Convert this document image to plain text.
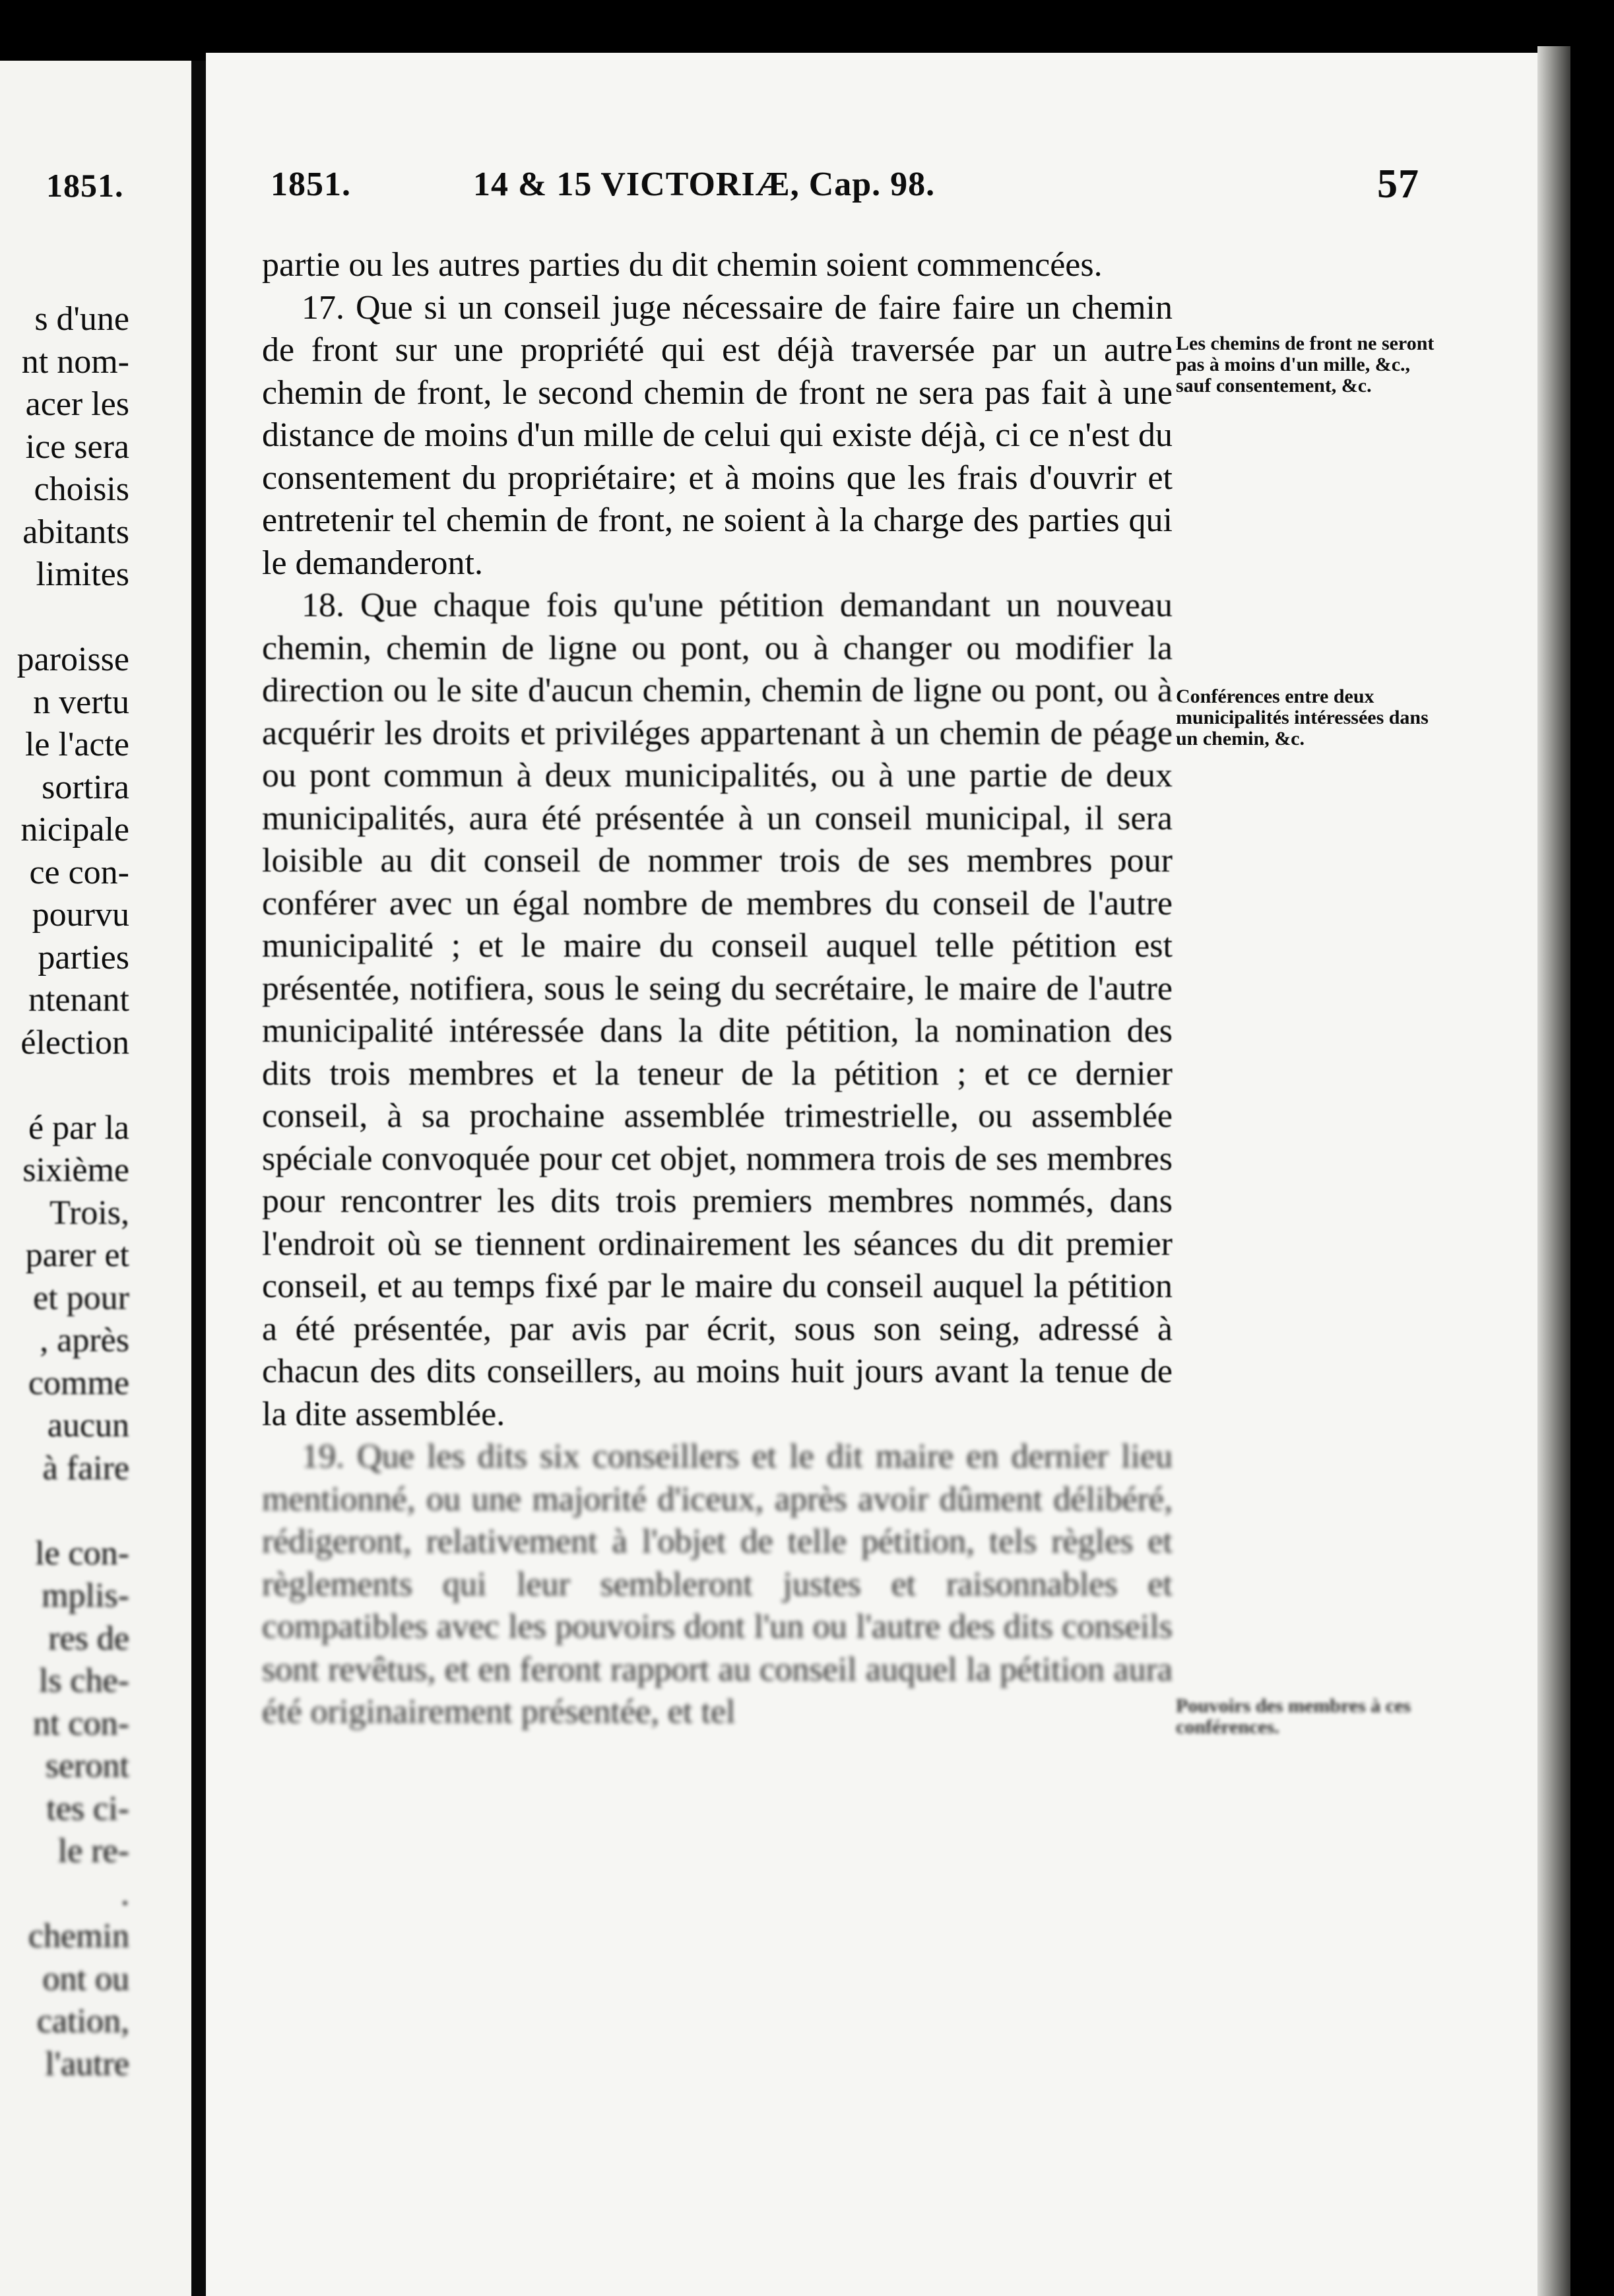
1851.
s d'une
nt nom-
acer les
ice sera
choisis
abitants
limites

paroisse
n vertu
le l'acte
sortira
nicipale
ce con-
pourvu
parties
ntenant
élection

é par la
sixième
Trois,
parer et
et pour
, après
comme
aucun
à faire

le con-
mplis-
res de
ls che-
nt con-
seront
tes ci-
le re-
.
chemin
ont ou
cation,
l'autre
1851.	14 & 15 VICTORIÆ, Cap. 98.	57

partie ou les autres parties du dit chemin soient commencées.

17. Que si un conseil juge nécessaire de faire faire un chemin de front sur une propriété qui est déjà traversée par un autre chemin de front, le second chemin de front ne sera pas fait à une distance de moins d'un mille de celui qui existe déjà, ci ce n'est du consentement du propriétaire; et à moins que les frais d'ouvrir et entretenir tel chemin de front, ne soient à la charge des parties qui le demanderont.

18. Que chaque fois qu'une pétition demandant un nouveau chemin, chemin de ligne ou pont, ou à changer ou modifier la direction ou le site d'aucun chemin, chemin de ligne ou pont, ou à acquérir les droits et priviléges appartenant à un chemin de péage ou pont commun à deux municipalités, ou à une partie de deux municipalités, aura été présentée à un conseil municipal, il sera loisible au dit conseil de nommer trois de ses membres pour conférer avec un égal nombre de membres du conseil de l'autre municipalité ; et le maire du conseil auquel telle pétition est présentée, notifiera, sous le seing du secrétaire, le maire de l'autre municipalité intéressée dans la dite pétition, la nomination des dits trois membres et la teneur de la pétition ; et ce dernier conseil, à sa prochaine assemblée trimestrielle, ou assemblée spéciale convoquée pour cet objet, nommera trois de ses membres pour rencontrer les dits trois premiers membres nommés, dans l'endroit où se tiennent ordinairement les séances du dit premier conseil, et au temps fixé par le maire du conseil auquel la pétition a été présentée, par avis par écrit, sous son seing, adressé à chacun des dits conseillers, au moins huit jours avant la tenue de la dite assemblée.

19. Que les dits six conseillers et le dit maire en dernier lieu mentionné, ou une majorité d'iceux, après avoir dûment délibéré, rédigeront, relativement à l'objet de telle pétition, tels règles et règlements qui leur sembleront justes et raisonnables et compatibles avec les pouvoirs dont l'un ou l'autre des dits conseils sont revêtus, et en feront rapport au conseil auquel la pétition aura été originairement présentée, et tel

Les chemins de front ne seront pas à moins d'un mille, &c., sauf consentement, &c.
Conférences entre deux municipalités intéressées dans un chemin, &c.
Pouvoirs des membres à ces conférences.
